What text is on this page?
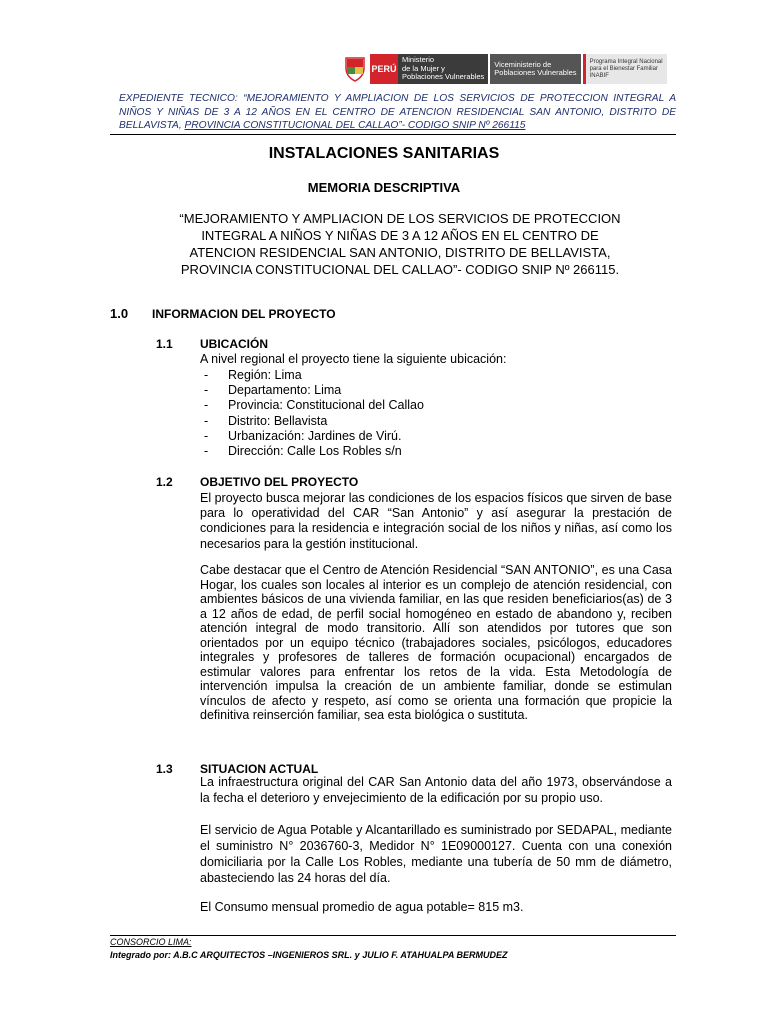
PERÚ
Ministerio
de la Mujer y
Poblaciones Vulnerables
Viceministerio de
Poblaciones Vulnerables
Programa Integral Nacional
para el Bienestar Familiar
INABIF
EXPEDIENTE TECNICO: “MEJORAMIENTO Y AMPLIACION DE LOS SERVICIOS DE PROTECCION INTEGRAL A NIÑOS Y NIÑAS DE 3 A 12 AÑOS EN EL CENTRO DE ATENCION RESIDENCIAL SAN ANTONIO, DISTRITO DE BELLAVISTA, PROVINCIA CONSTITUCIONAL DEL CALLAO”- CODIGO SNIP Nº 266115
INSTALACIONES SANITARIAS
MEMORIA DESCRIPTIVA
“MEJORAMIENTO Y AMPLIACION DE LOS SERVICIOS DE PROTECCION INTEGRAL A NIÑOS Y NIÑAS DE 3 A 12 AÑOS EN EL CENTRO DE ATENCION RESIDENCIAL SAN ANTONIO, DISTRITO DE BELLAVISTA, PROVINCIA CONSTITUCIONAL DEL CALLAO”- CODIGO SNIP Nº 266115.
1.0 INFORMACION DEL PROYECTO
1.1 UBICACIÓN
A nivel regional el proyecto tiene la siguiente ubicación:
-	Región: Lima
-	Departamento: Lima
-	Provincia: Constitucional del Callao
-	Distrito: Bellavista
-	Urbanización: Jardines de Virú.
-	Dirección: Calle Los Robles s/n
1.2 OBJETIVO DEL PROYECTO
El proyecto busca mejorar las condiciones de los espacios físicos que sirven de base para lo operatividad del CAR “San Antonio” y así asegurar la prestación de condiciones para la residencia e integración social de los niños y niñas, así como los necesarios para la gestión institucional.
Cabe destacar que el Centro de Atención Residencial “SAN ANTONIO”, es una Casa Hogar, los cuales son locales al interior es un complejo de atención residencial, con ambientes básicos de una vivienda familiar, en las que residen beneficiarios(as) de 3 a 12 años de edad, de perfil social homogéneo en estado de abandono y, reciben atención integral de modo transitorio. Allí son atendidos por tutores que son orientados por un equipo técnico (trabajadores sociales, psicólogos, educadores integrales y profesores de talleres de formación ocupacional) encargados de estimular valores para enfrentar los retos de la vida. Esta Metodología de intervención impulsa la creación de un ambiente familiar, donde se estimulan vínculos de afecto y respeto, así como se orienta una formación que propicie la definitiva reinserción familiar, sea esta biológica o sustituta.
1.3 SITUACION ACTUAL
La infraestructura original del CAR San Antonio data del año 1973, observándose a la fecha el deterioro y envejecimiento de la edificación por su propio uso.
El servicio de Agua Potable y Alcantarillado es suministrado por SEDAPAL, mediante el suministro N° 2036760-3, Medidor N° 1E09000127. Cuenta con una conexión domiciliaria por la Calle Los Robles, mediante una tubería de 50 mm de diámetro, abasteciendo las 24 horas del día.
El Consumo mensual promedio de agua potable= 815 m3.
CONSORCIO LIMA:
Integrado por: A.B.C ARQUITECTOS –INGENIEROS SRL. y JULIO F. ATAHUALPA BERMUDEZ
